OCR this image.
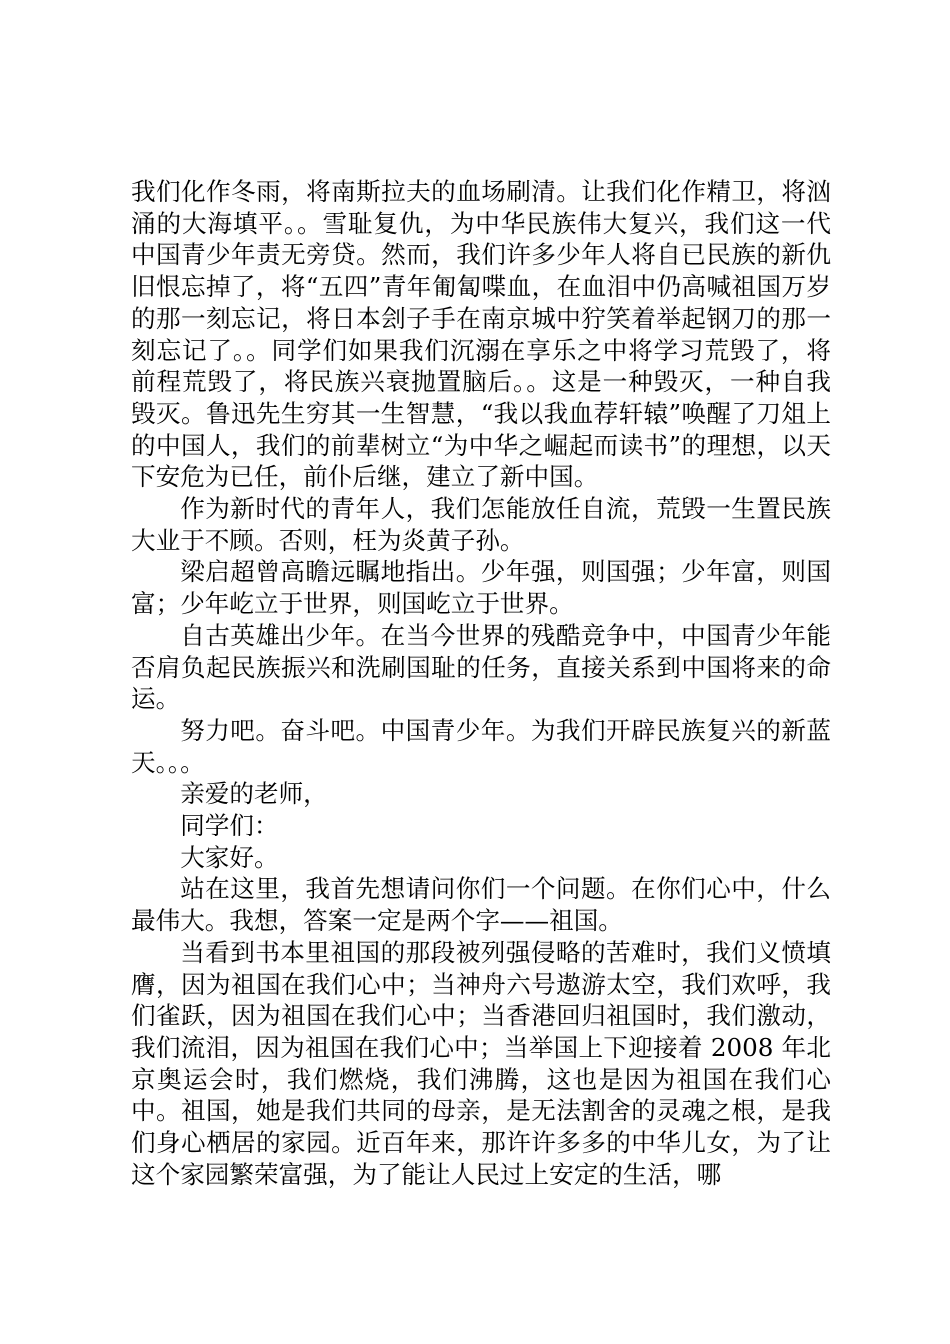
我们化作冬雨，将南斯拉夫的血场刷清。让我们化作精卫，将汹涌的大海填平。。雪耻复仇，为中华民族伟大复兴，我们这一代中国青少年责无旁贷。然而，我们许多少年人将自已民族的新仇旧恨忘掉了，将“五四”青年匍匐喋血，在血泪中仍高喊祖国万岁的那一刻忘记，将日本刽子手在南京城中狞笑着举起钢刀的那一刻忘记了。。同学们如果我们沉溺在享乐之中将学习荒毁了，将前程荒毁了，将民族兴衰抛置脑后。。这是一种毁灭，一种自我毁灭。鲁迅先生穷其一生智慧，“我以我血荐轩辕”唤醒了刀俎上的中国人，我们的前辈树立“为中华之崛起而读书”的理想，以天下安危为已任，前仆后继，建立了新中国。

作为新时代的青年人，我们怎能放任自流，荒毁一生置民族大业于不顾。否则，枉为炎黄子孙。

梁启超曾高瞻远瞩地指出。少年强，则国强；少年富，则国富；少年屹立于世界，则国屹立于世界。

自古英雄出少年。在当今世界的残酷竞争中，中国青少年能否肩负起民族振兴和洗刷国耻的任务，直接关系到中国将来的命运。

努力吧。奋斗吧。中国青少年。为我们开辟民族复兴的新蓝天。。。

亲爱的老师，

同学们：

大家好。

站在这里，我首先想请问你们一个问题。在你们心中，什么最伟大。我想，答案一定是两个字——祖国。

当看到书本里祖国的那段被列强侵略的苦难时，我们义愤填膺，因为祖国在我们心中；当神舟六号遨游太空，我们欢呼，我们雀跃，因为祖国在我们心中；当香港回归祖国时，我们激动，我们流泪，因为祖国在我们心中；当举国上下迎接着 2008 年北京奥运会时，我们燃烧，我们沸腾，这也是因为祖国在我们心中。祖国，她是我们共同的母亲，是无法割舍的灵魂之根，是我们身心栖居的家园。近百年来，那许许多多的中华儿女，为了让这个家园繁荣富强，为了能让人民过上安定的生活，哪
